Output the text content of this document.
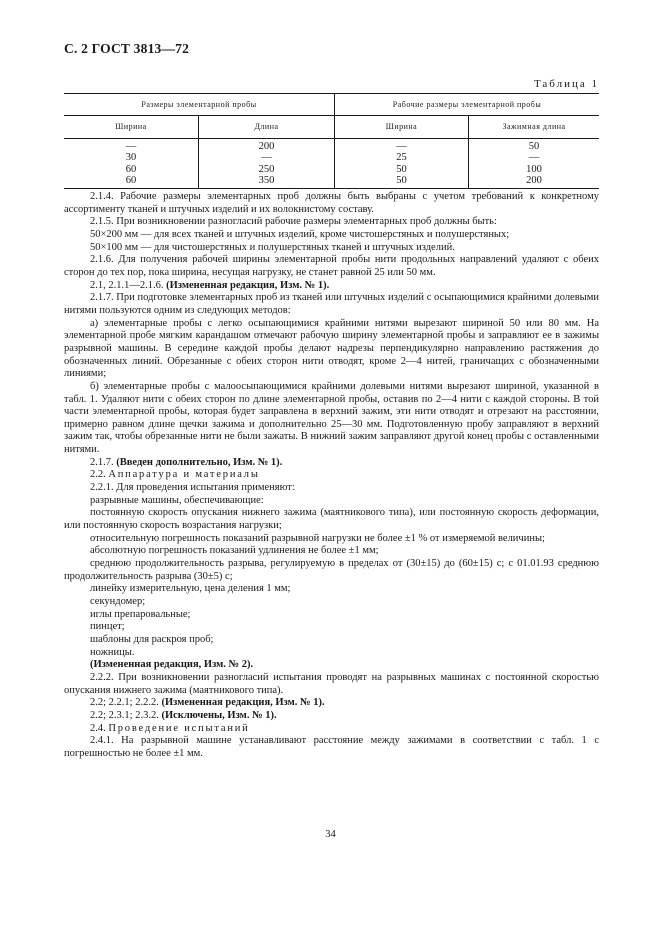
С. 2 ГОСТ 3813—72
Таблица 1
Размеры элементарной пробы		Рабочие размеры элементарной пробы	
Ширина	Длина	Ширина	Зажимная длина
—	200	—	50
30	—	25	—
60	250	50	100
60	350	50	200

2.1.4. Рабочие размеры элементарных проб должны быть выбраны с учетом требований к конкретному ассортименту тканей и штучных изделий и их волокнистому составу.

2.1.5. При возникновении разногласий рабочие размеры элементарных проб должны быть:

50×200 мм — для всех тканей и штучных изделий, кроме чистошерстяных и полушерстяных;

50×100 мм — для чистошерстяных и полушерстяных тканей и штучных изделий.

2.1.6. Для получения рабочей ширины элементарной пробы нити продольных направлений удаляют с обеих сторон до тех пор, пока ширина, несущая нагрузку, не станет равной 25 или 50 мм.

2.1, 2.1.1—2.1.6. (Измененная редакция, Изм. № 1).

2.1.7. При подготовке элементарных проб из тканей или штучных изделий с осыпающимися крайними долевыми нитями пользуются одним из следующих методов:

а) элементарные пробы с легко осыпающимися крайними нитями вырезают шириной 50 или 80 мм. На элементарной пробе мягким карандашом отмечают рабочую ширину элементарной пробы и заправляют ее в зажимы разрывной машины. В середине каждой пробы делают надрезы перпендикулярно направлению растяжения до обозначенных линий. Обрезанные с обеих сторон нити отводят, кроме 2—4 нитей, граничащих с обозначенными линиями;

б) элементарные пробы с малоосыпающимися крайними долевыми нитями вырезают шириной, указанной в табл. 1. Удаляют нити с обеих сторон по длине элементарной пробы, оставив по 2—4 нити с каждой стороны. В той части элементарной пробы, которая будет заправлена в верхний зажим, эти нити отводят и отрезают на расстоянии, примерно равном длине щечки зажима и дополнительно 25—30 мм. Подготовленную пробу заправляют в верхний зажим так, чтобы обрезанные нити не были зажаты. В нижний зажим заправляют другой конец пробы с оставленными нитями.

2.1.7. (Введен дополнительно, Изм. № 1).

2.2. Аппаратура и материалы

2.2.1. Для проведения испытания применяют:

разрывные машины, обеспечивающие:

постоянную скорость опускания нижнего зажима (маятникового типа), или постоянную скорость деформации, или постоянную скорость возрастания нагрузки;

относительную погрешность показаний разрывной нагрузки не более ±1 % от измеряемой величины;

абсолютную погрешность показаний удлинения не более ±1 мм;

среднюю продолжительность разрыва, регулируемую в пределах от (30±15) до (60±15) с; с 01.01.93 среднюю продолжительность разрыва (30±5) с;

линейку измерительную, цена деления 1 мм;

секундомер;

иглы препаровальные;

пинцет;

шаблоны для раскроя проб;

ножницы.

(Измененная редакция, Изм. № 2).

2.2.2. При возникновении разногласий испытания проводят на разрывных машинах с постоянной скоростью опускания нижнего зажима (маятникового типа).

2.2; 2.2.1; 2.2.2. (Измененная редакция, Изм. № 1).

2.2; 2.3.1; 2.3.2. (Исключены, Изм. № 1).

2.4. Проведение испытаний

2.4.1. На разрывной машине устанавливают расстояние между зажимами в соответствии с табл. 1 с погрешностью не более ±1 мм.

34
